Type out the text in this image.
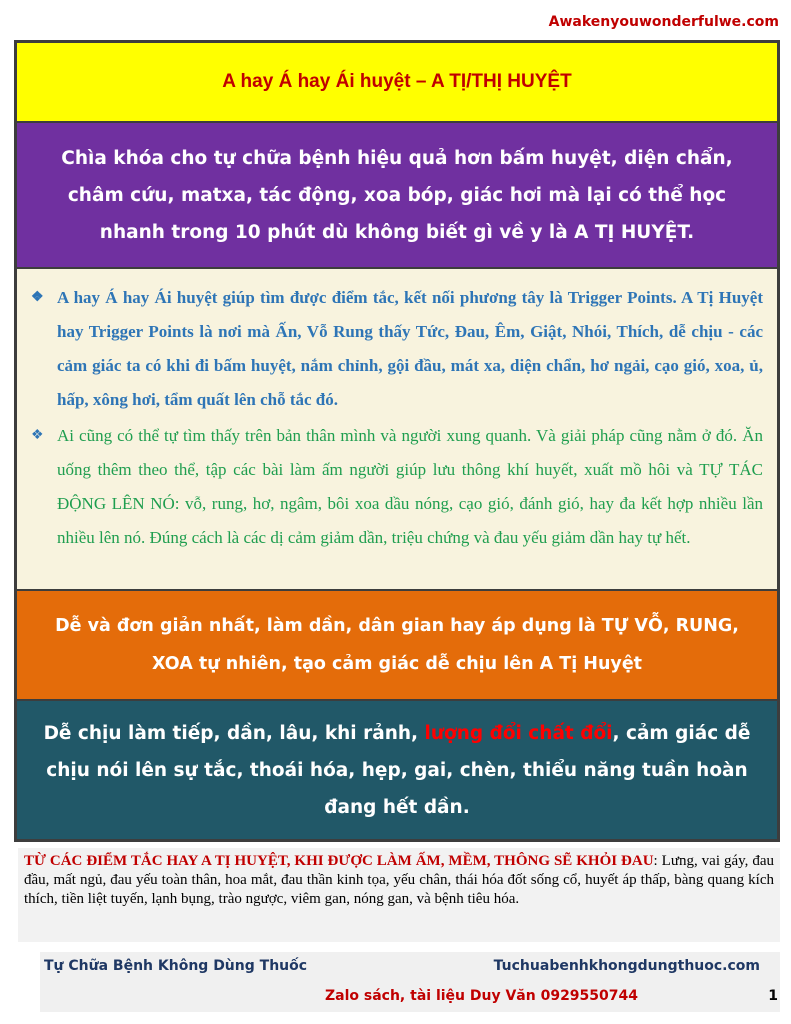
Awakenyouwonderfulwe.com
A hay Á hay Ái huyệt – A TỊ/THỊ HUYỆT
Chìa khóa cho tự chữa bệnh hiệu quả hơn bấm huyệt, diện chẩn, châm cứu, matxa, tác động, xoa bóp, giác hơi mà lại có thể học nhanh trong 10 phút dù không biết gì về y là A TỊ HUYỆT.
❖ A hay Á hay Ái huyệt giúp tìm được điểm tắc, kết nối phương tây là Trigger Points. A Tị Huyệt hay Trigger Points là nơi mà Ấn, Vỗ Rung thấy Tức, Đau, Êm, Giật, Nhói, Thích, dễ chịu - các cảm giác ta có khi đi bấm huyệt, nắm chỉnh, gội đầu, mát xa, diện chẩn, hơ ngải, cạo gió, xoa, ủ, hấp, xông hơi, tẩm quất lên chỗ tắc đó.
❖ Ai cũng có thể tự tìm thấy trên bản thân mình và người xung quanh. Và giải pháp cũng nằm ở đó. Ăn uống thêm theo thể, tập các bài làm ấm người giúp lưu thông khí huyết, xuất mồ hôi và TỰ TÁC ĐỘNG LÊN NÓ: vỗ, rung, hơ, ngâm, bôi xoa dầu nóng, cạo gió, đánh gió, hay đa kết hợp nhiều lần nhiều lên nó. Đúng cách là các dị cảm giảm dần, triệu chứng và đau yếu giảm dần hay tự hết.
Dễ và đơn giản nhất, làm dần, dân gian hay áp dụng là TỰ VỖ, RUNG, XOA tự nhiên, tạo cảm giác dễ chịu lên A Tị Huyệt
Dễ chịu làm tiếp, dần, lâu, khi rảnh, lượng đổi chất đổi, cảm giác dễ chịu nói lên sự tắc, thoái hóa, hẹp, gai, chèn, thiểu năng tuần hoàn đang hết dần.
TỪ CÁC ĐIỂM TẮC HAY A TỊ HUYỆT, KHI ĐƯỢC LÀM ẤM, MỀM, THÔNG SẼ KHỎI ĐAU: Lưng, vai gáy, đau đầu, mất ngủ, đau yếu toàn thân, hoa mắt, đau thần kinh tọa, yếu chân, thái hóa đốt sống cổ, huyết áp thấp, bàng quang kích thích, tiền liệt tuyến, lạnh bụng, trào ngược, viêm gan, nóng gan, và bệnh tiêu hóa.
Tự Chữa Bệnh Không Dùng Thuốc	Tuchuabenhkhongdungthuoc.com
Zalo sách, tài liệu Duy Văn 0929550744	1
